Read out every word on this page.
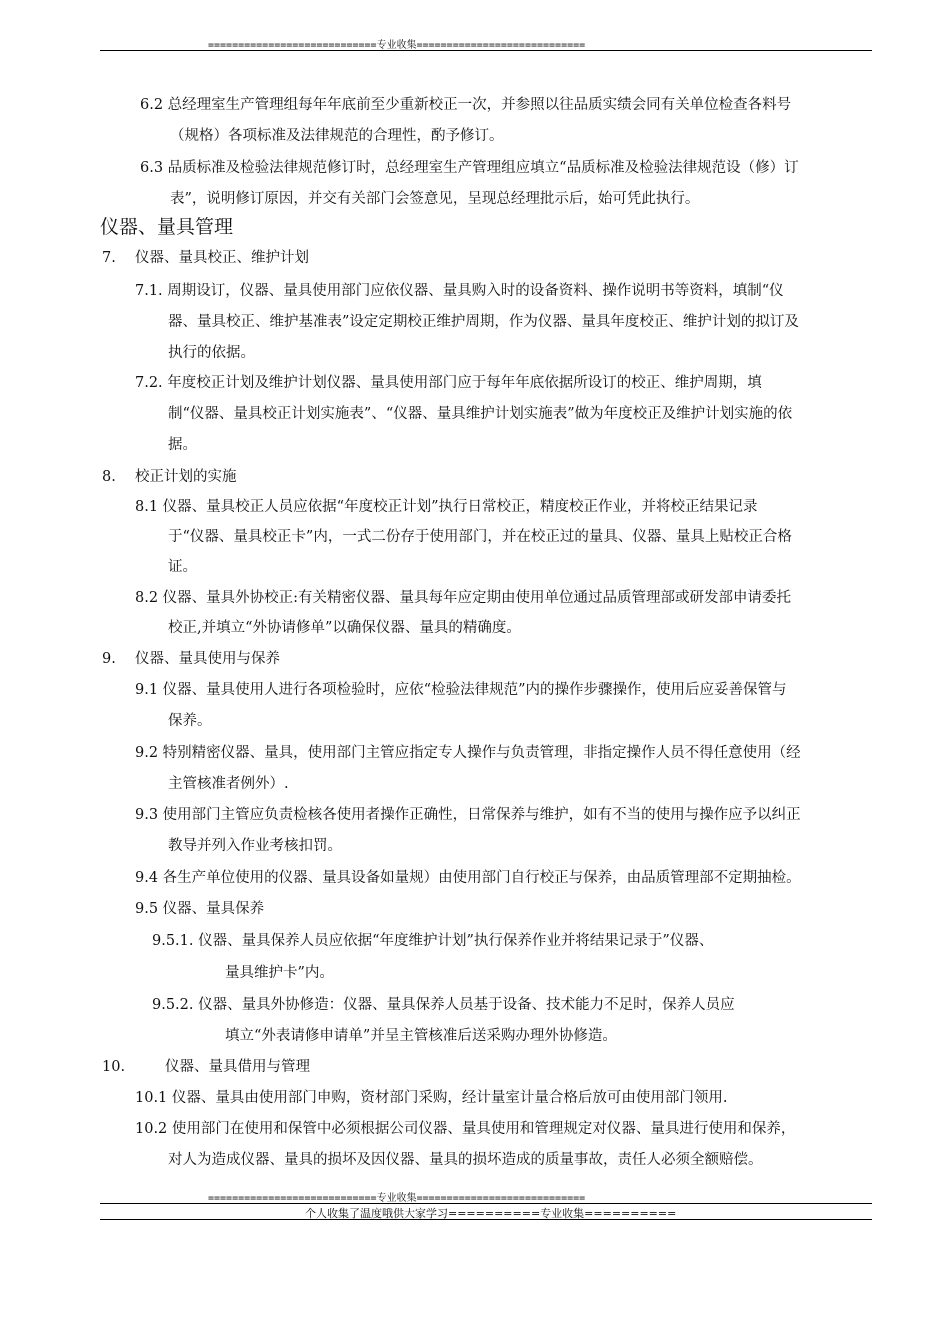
============================专业收集============================
6.2 总经理室生产管理组每年年底前至少重新校正一次，并参照以往品质实绩会同有关单位检查各料号
（规格）各项标准及法律规范的合理性，酌予修订。
6.3 品质标准及检验法律规范修订时，总经理室生产管理组应填立“品质标准及检验法律规范设（修）订
表”，说明修订原因，并交有关部门会签意见，呈现总经理批示后，始可凭此执行。
仪器、量具管理
7. 仪器、量具校正、维护计划
7.1. 周期设订，仪器、量具使用部门应依仪器、量具购入时的设备资料、操作说明书等资料，填制“仪
器、量具校正、维护基准表”设定定期校正维护周期，作为仪器、量具年度校正、维护计划的拟订及
执行的依据。
7.2. 年度校正计划及维护计划仪器、量具使用部门应于每年年底依据所设订的校正、维护周期，填
制“仪器、量具校正计划实施表”、“仪器、量具维护计划实施表”做为年度校正及维护计划实施的依
据。
8. 校正计划的实施
8.1 仪器、量具校正人员应依据“年度校正计划”执行日常校正，精度校正作业，并将校正结果记录
于“仪器、量具校正卡”内，一式二份存于使用部门，并在校正过的量具、仪器、量具上贴校正合格
证。
8.2 仪器、量具外协校正:有关精密仪器、量具每年应定期由使用单位通过品质管理部或研发部申请委托
校正,并填立“外协请修单”以确保仪器、量具的精确度。
9. 仪器、量具使用与保养
9.1 仪器、量具使用人进行各项检验时，应依“检验法律规范”内的操作步骤操作，使用后应妥善保管与
保养。
9.2 特别精密仪器、量具，使用部门主管应指定专人操作与负责管理，非指定操作人员不得任意使用（经
主管核准者例外）.
9.3 使用部门主管应负责检核各使用者操作正确性，日常保养与维护，如有不当的使用与操作应予以纠正
教导并列入作业考核扣罚。
9.4 各生产单位使用的仪器、量具设备如量规）由使用部门自行校正与保养，由品质管理部不定期抽检。
9.5 仪器、量具保养
9.5.1. 仪器、量具保养人员应依据“年度维护计划”执行保养作业并将结果记录于”仪器、
量具维护卡”内。
9.5.2. 仪器、量具外协修造：仪器、量具保养人员基于设备、技术能力不足时，保养人员应
填立“外表请修申请单”并呈主管核准后送采购办理外协修造。
10.	仪器、量具借用与管理
10.1 仪器、量具由使用部门申购，资材部门采购，经计量室计量合格后放可由使用部门领用.
10.2 使用部门在使用和保管中必须根据公司仪器、量具使用和管理规定对仪器、量具进行使用和保养，
对人为造成仪器、量具的损坏及因仪器、量具的损坏造成的质量事故，责任人必须全额赔偿。
============================专业收集============================
个人收集了温度哦供大家学习==========专业收集==========
